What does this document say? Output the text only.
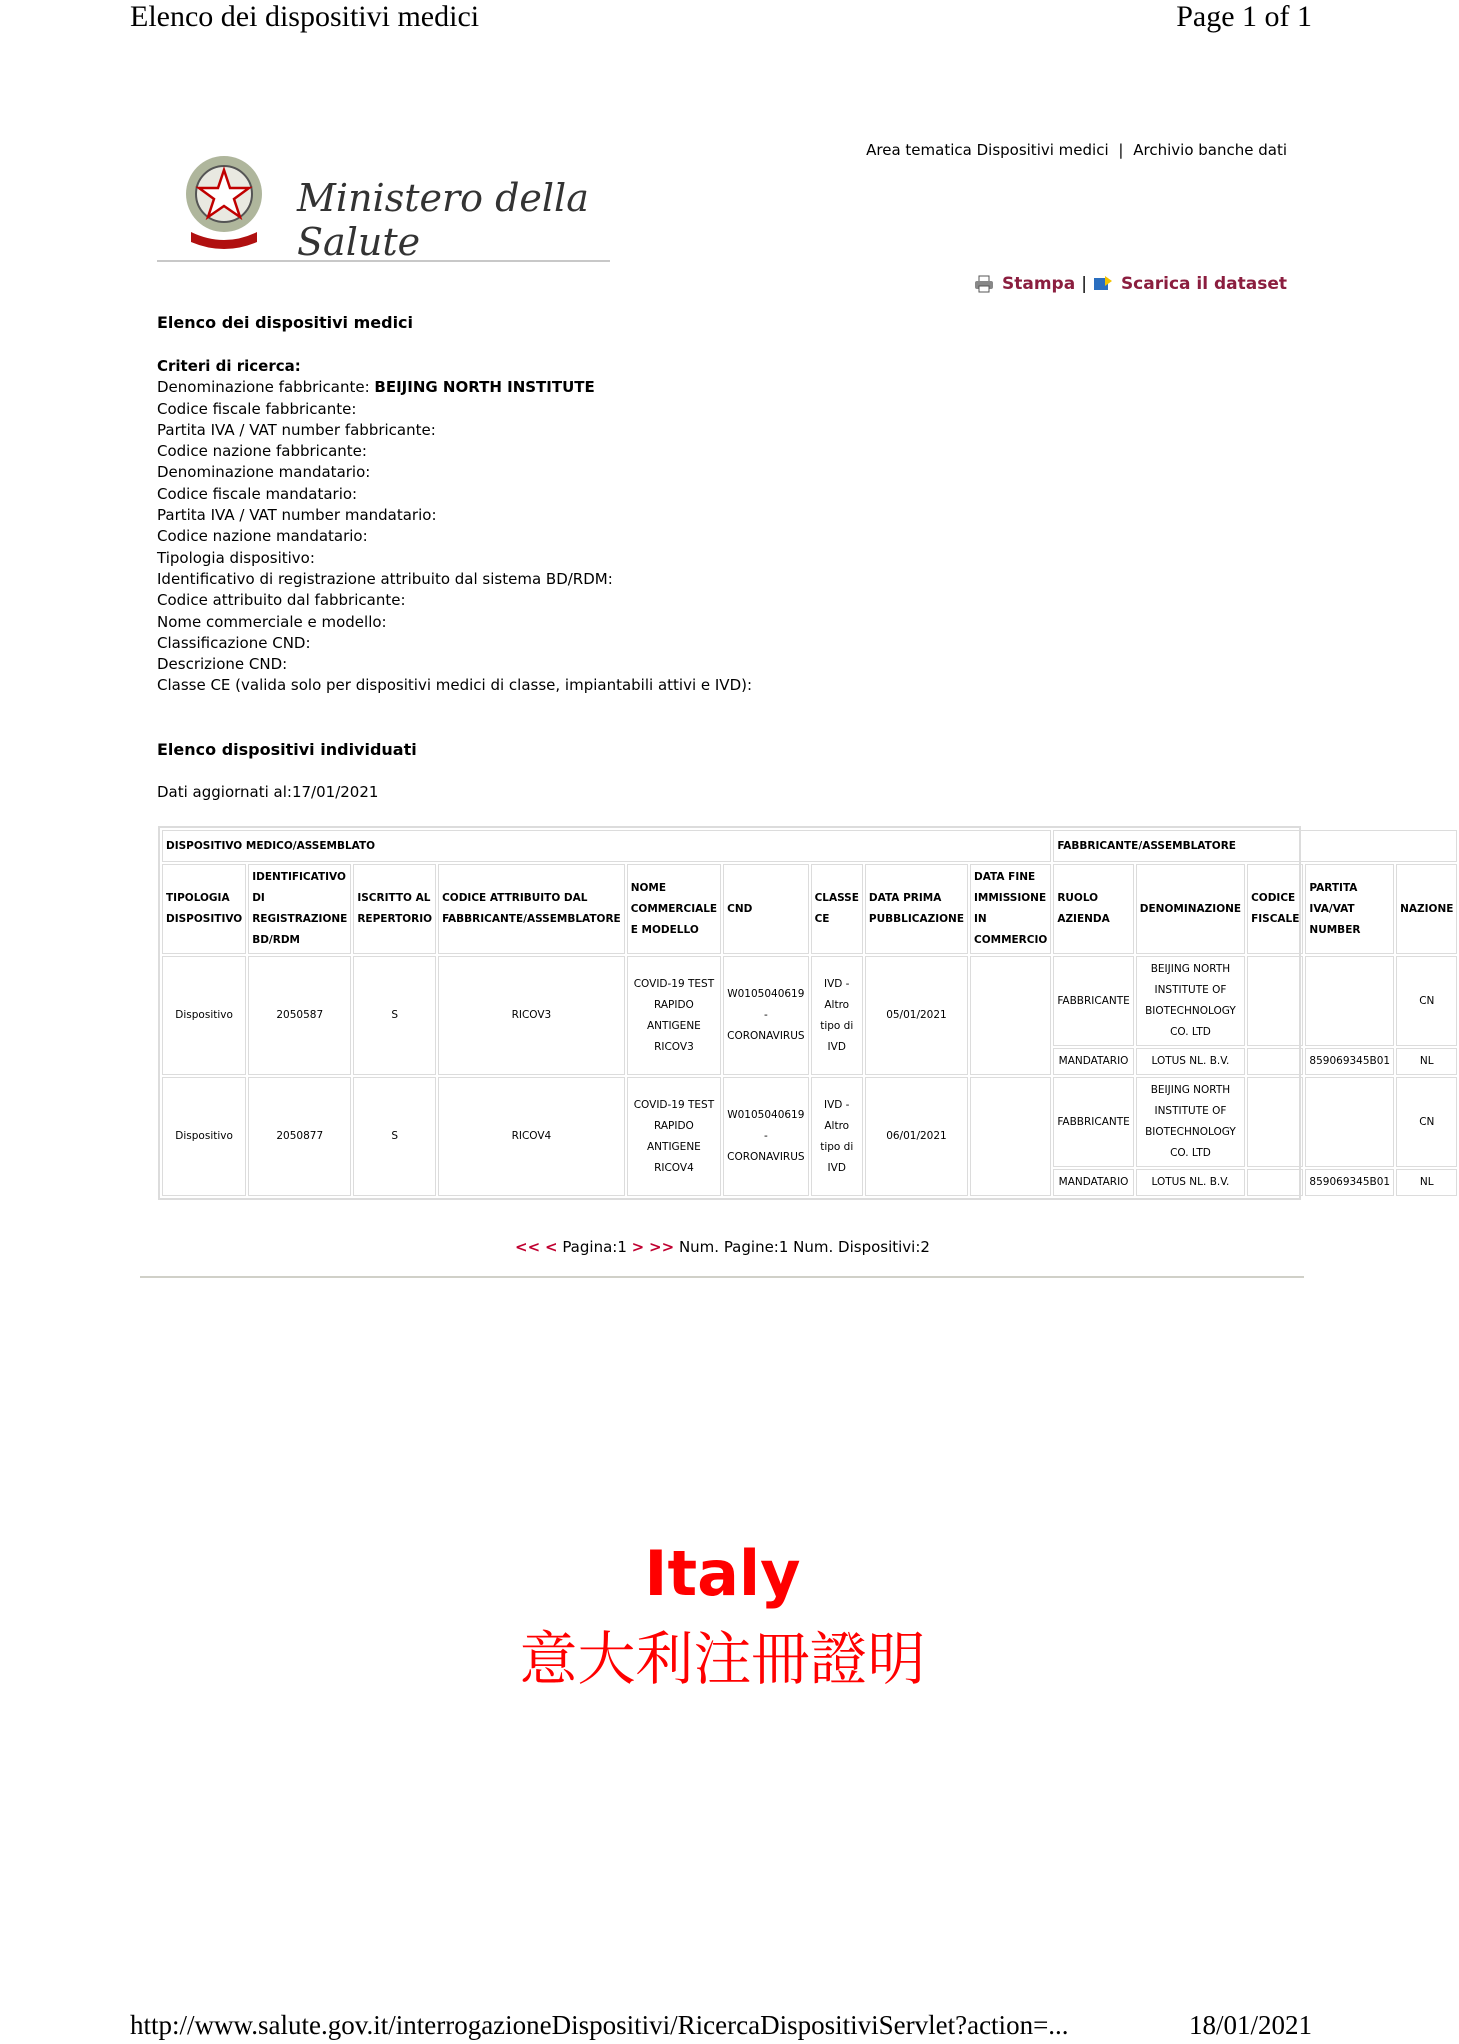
Elenco dei dispositivi medici	Page 1 of 1
Area tematica Dispositivi medici | Archivio banche dati
Ministero della Salute
Stampa | Scarica il dataset
Elenco dei dispositivi medici
Criteri di ricerca:
Denominazione fabbricante: BEIJING NORTH INSTITUTE
Codice fiscale fabbricante:
Partita IVA / VAT number fabbricante:
Codice nazione fabbricante:
Denominazione mandatario:
Codice fiscale mandatario:
Partita IVA / VAT number mandatario:
Codice nazione mandatario:
Tipologia dispositivo:
Identificativo di registrazione attribuito dal sistema BD/RDM:
Codice attribuito dal fabbricante:
Nome commerciale e modello:
Classificazione CND:
Descrizione CND:
Classe CE (valida solo per dispositivi medici di classe, impiantabili attivi e IVD):
Elenco dispositivi individuati
Dati aggiornati al:17/01/2021
DISPOSITIVO MEDICO/ASSEMBLATO									FABBRICANTE/ASSEMBLATORE				
TIPOLOGIA DISPOSITIVO	IDENTIFICATIVO DI REGISTRAZIONE BD/RDM	ISCRITTO AL REPERTORIO	CODICE ATTRIBUITO DAL FABBRICANTE/ASSEMBLATORE	NOME COMMERCIALE E MODELLO	CND	CLASSE CE	DATA PRIMA PUBBLICAZIONE	DATA FINE IMMISSIONE IN COMMERCIO	RUOLO AZIENDA	DENOMINAZIONE	CODICE FISCALE	PARTITA IVA/VAT NUMBER	NAZIONE
Dispositivo	2050587	S	RICOV3	COVID-19 TEST RAPIDO ANTIGENE RICOV3	W0105040619 - CORONAVIRUS	IVD - Altro tipo di IVD	05/01/2021		FABBRICANTE	BEIJING NORTH INSTITUTE OF BIOTECHNOLOGY CO. LTD			CN
									MANDATARIO	LOTUS NL. B.V.		859069345B01	NL
Dispositivo	2050877	S	RICOV4	COVID-19 TEST RAPIDO ANTIGENE RICOV4	W0105040619 - CORONAVIRUS	IVD - Altro tipo di IVD	06/01/2021		FABBRICANTE	BEIJING NORTH INSTITUTE OF BIOTECHNOLOGY CO. LTD			CN
									MANDATARIO	LOTUS NL. B.V.		859069345B01	NL
<< < Pagina:1 > >> Num. Pagine:1 Num. Dispositivi:2
Italy
意大利注冊證明
http://www.salute.gov.it/interrogazioneDispositivi/RicercaDispositiviServlet?action=...	18/01/2021
